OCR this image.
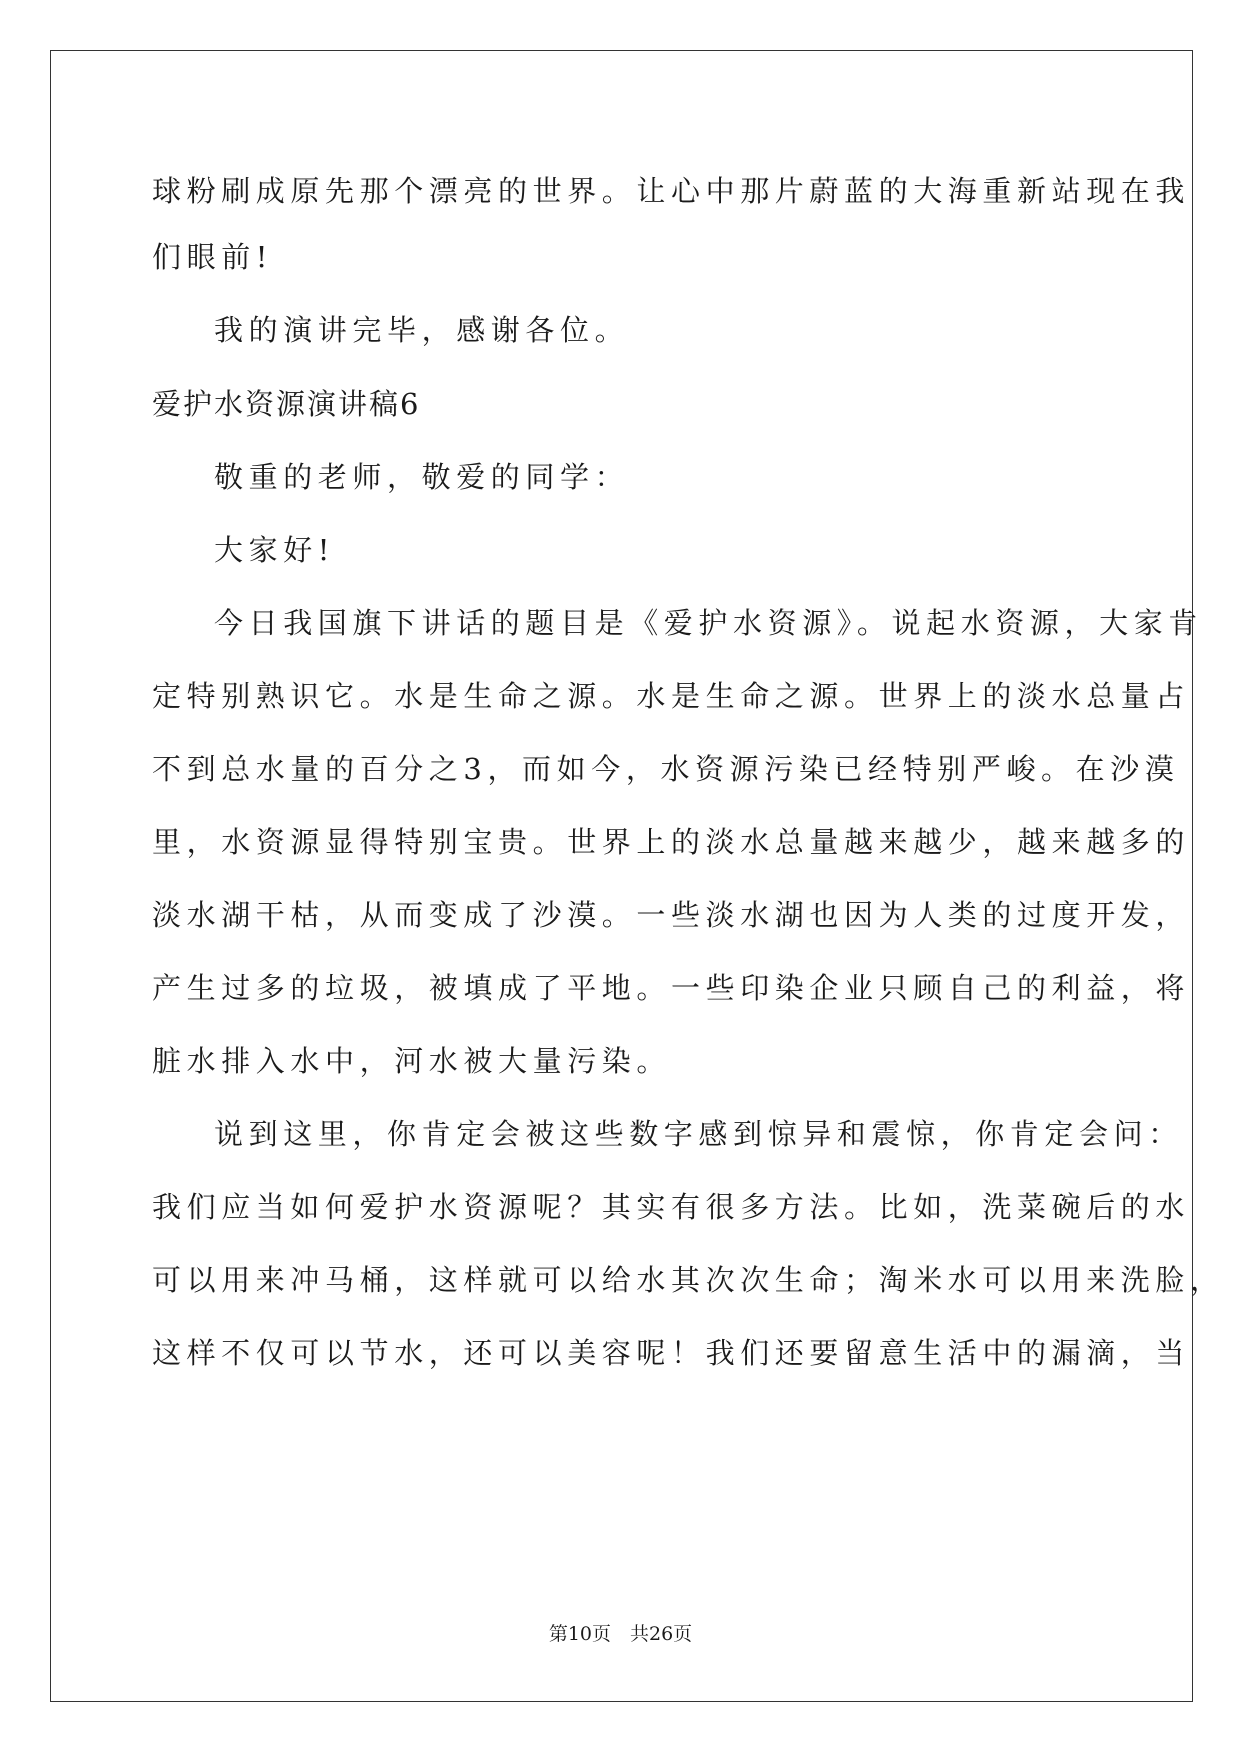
球粉刷成原先那个漂亮的世界。让心中那片蔚蓝的大海重新站现在我
们眼前!
我的演讲完毕，感谢各位。
爱护水资源演讲稿6
敬重的老师，敬爱的同学：
大家好!
今日我国旗下讲话的题目是《爱护水资源》。说起水资源，大家肯
定特别熟识它。水是生命之源。水是生命之源。世界上的淡水总量占
不到总水量的百分之3，而如今，水资源污染已经特别严峻。在沙漠
里，水资源显得特别宝贵。世界上的淡水总量越来越少，越来越多的
淡水湖干枯，从而变成了沙漠。一些淡水湖也因为人类的过度开发，
产生过多的垃圾，被填成了平地。一些印染企业只顾自己的利益，将
脏水排入水中，河水被大量污染。
说到这里，你肯定会被这些数字感到惊异和震惊，你肯定会问：
我们应当如何爱护水资源呢？其实有很多方法。比如，洗菜碗后的水
可以用来冲马桶，这样就可以给水其次次生命；淘米水可以用来洗脸，
这样不仅可以节水，还可以美容呢！我们还要留意生活中的漏滴，当
第10页　共26页
